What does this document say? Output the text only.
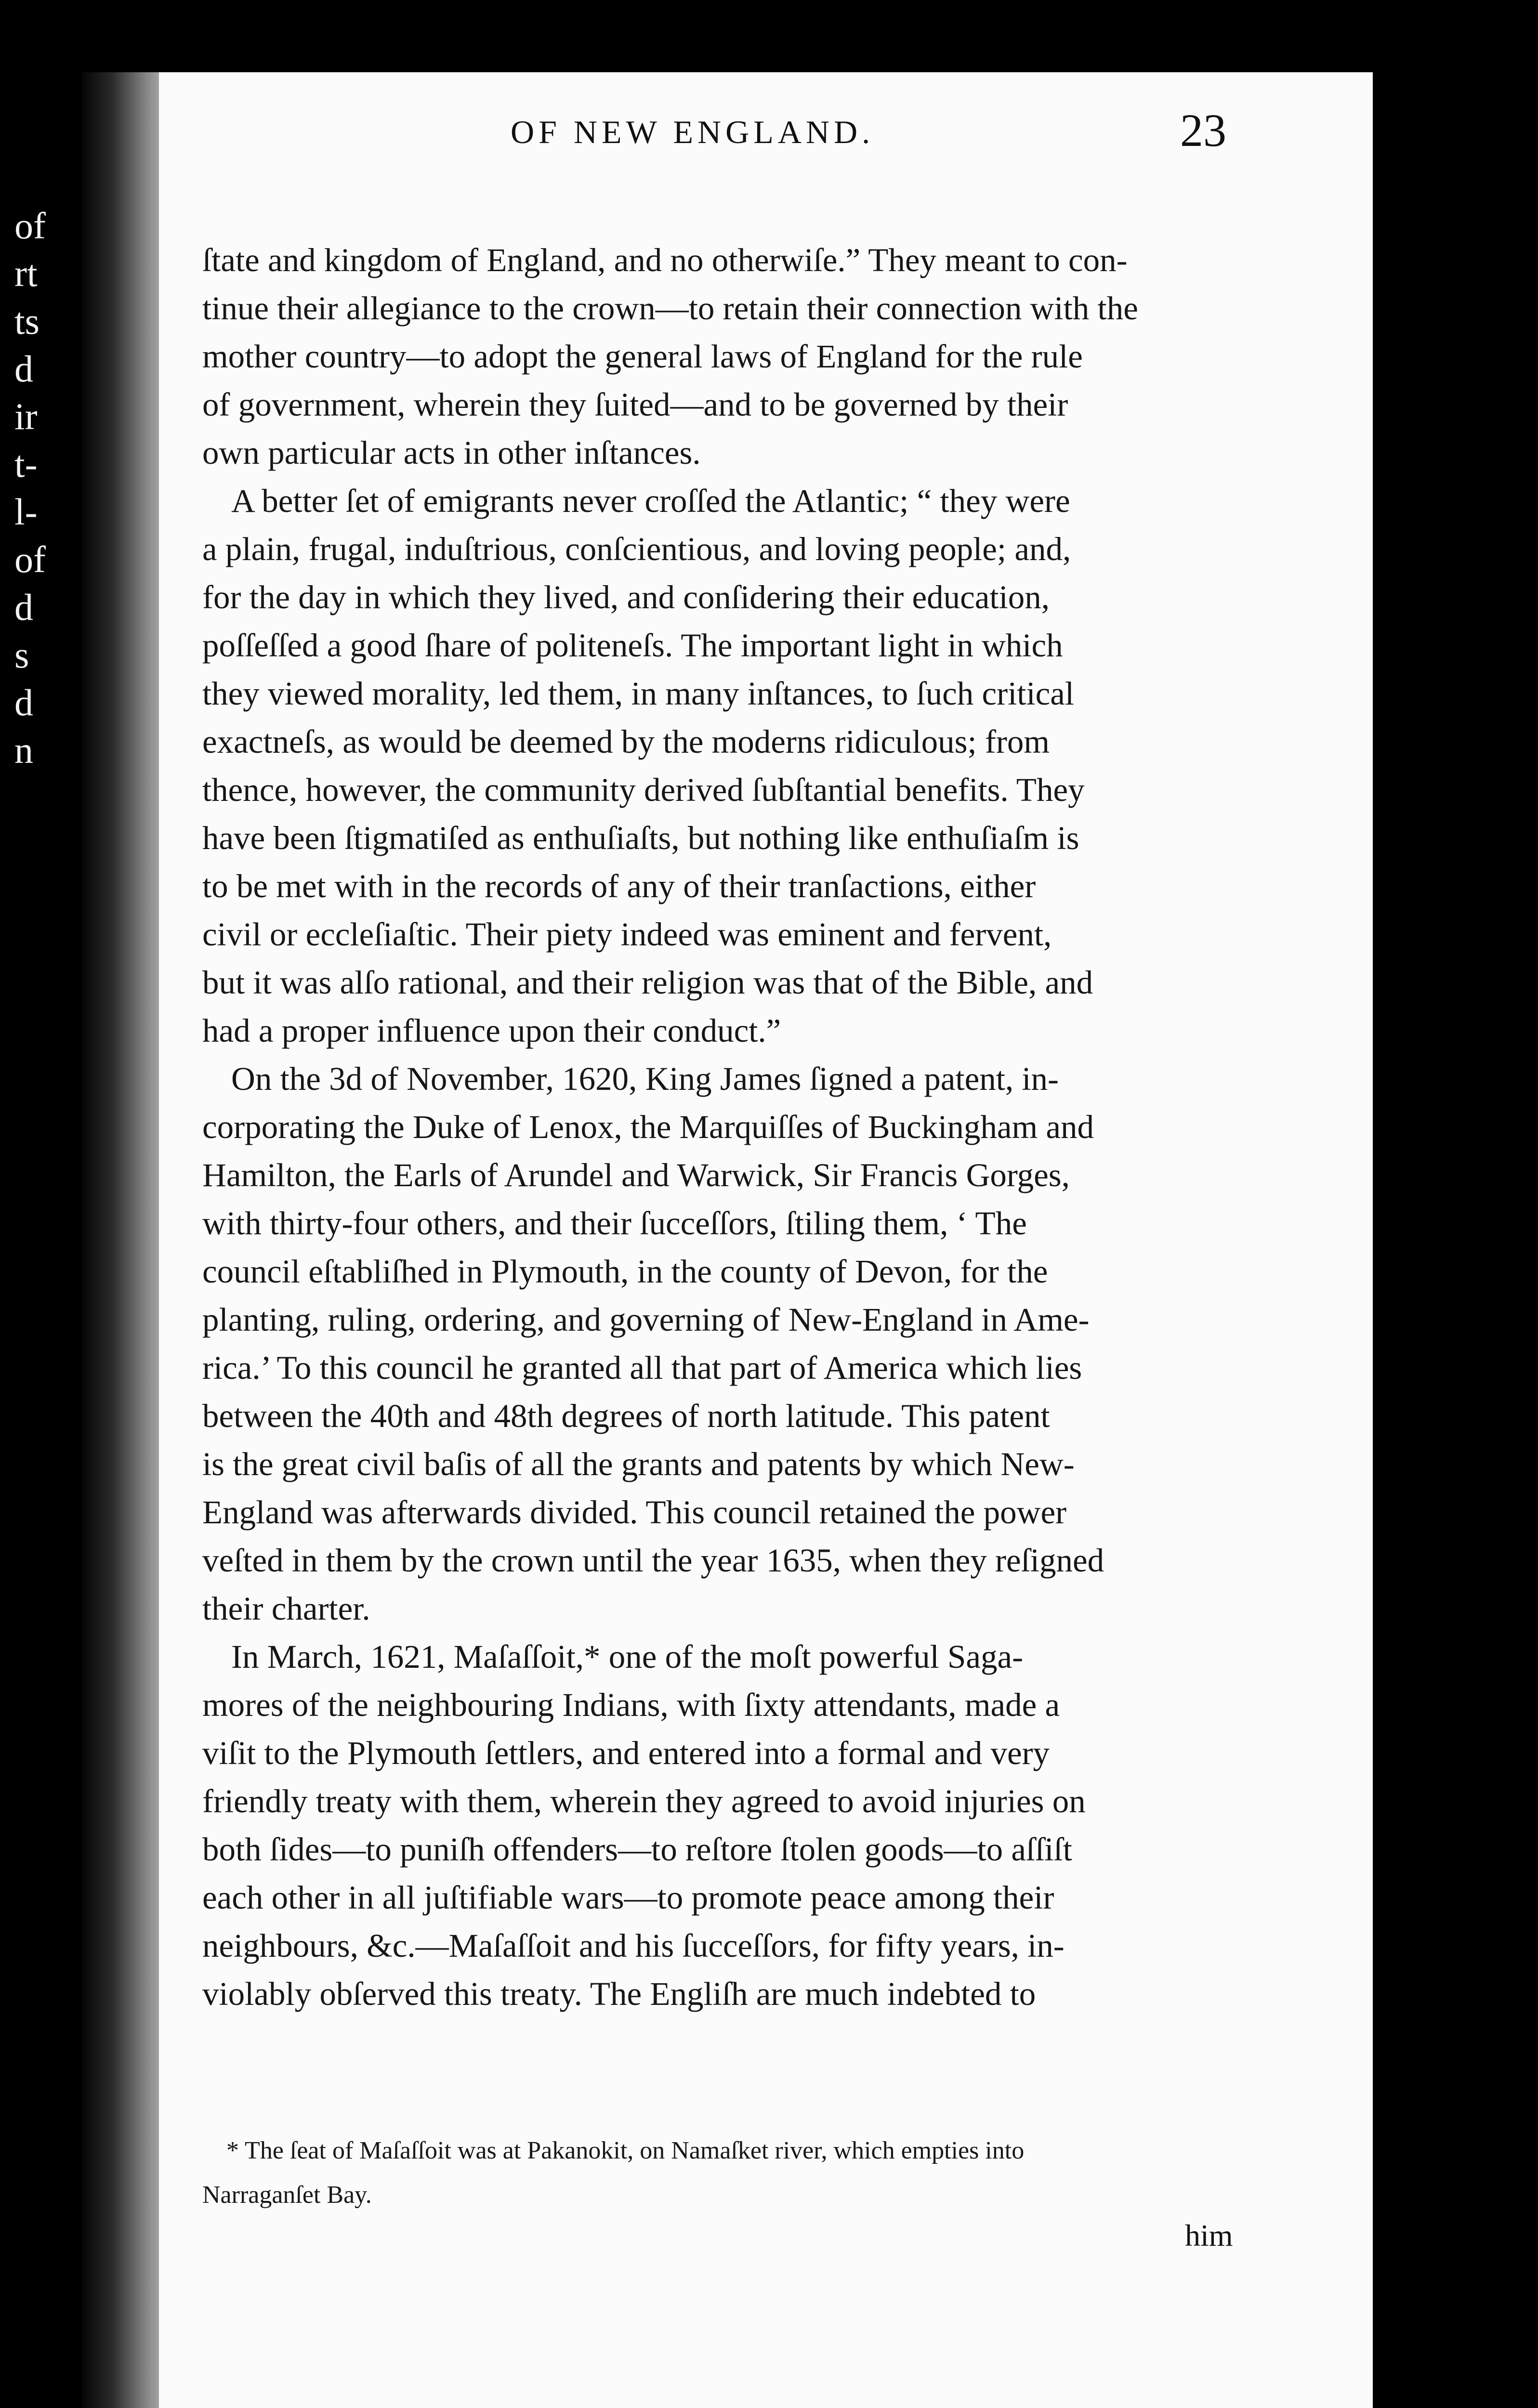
of
rt
ts
d
ir
t-
l-
of
d
s
d
n
OF NEW ENGLAND.	23
ſtate and kingdom of England, and no otherwiſe.” They meant to con-
tinue their allegiance to the crown—to retain their connection with the
mother country—to adopt the general laws of England for the rule
of government, wherein they ſuited—and to be governed by their
own particular acts in other inſtances.
A better ſet of emigrants never croſſed the Atlantic; “ they were
a plain, frugal, induſtrious, conſcientious, and loving people; and,
for the day in which they lived, and conſidering their education,
poſſeſſed a good ſhare of politeneſs. The important light in which
they viewed morality, led them, in many inſtances, to ſuch critical
exactneſs, as would be deemed by the moderns ridiculous; from
thence, however, the community derived ſubſtantial benefits. They
have been ſtigmatiſed as enthuſiaſts, but nothing like enthuſiaſm is
to be met with in the records of any of their tranſactions, either
civil or eccleſiaſtic. Their piety indeed was eminent and fervent,
but it was alſo rational, and their religion was that of the Bible, and
had a proper influence upon their conduct.”
On the 3d of November, 1620, King James ſigned a patent, in-
corporating the Duke of Lenox, the Marquiſſes of Buckingham and
Hamilton, the Earls of Arundel and Warwick, Sir Francis Gorges,
with thirty-four others, and their ſucceſſors, ſtiling them, ‘ The
council eſtabliſhed in Plymouth, in the county of Devon, for the
planting, ruling, ordering, and governing of New-England in Ame-
rica.’ To this council he granted all that part of America which lies
between the 40th and 48th degrees of north latitude. This patent
is the great civil baſis of all the grants and patents by which New-
England was afterwards divided. This council retained the power
veſted in them by the crown until the year 1635, when they reſigned
their charter.
In March, 1621, Maſaſſoit,* one of the moſt powerful Saga-
mores of the neighbouring Indians, with ſixty attendants, made a
viſit to the Plymouth ſettlers, and entered into a formal and very
friendly treaty with them, wherein they agreed to avoid injuries on
both ſides—to puniſh offenders—to reſtore ſtolen goods—to aſſiſt
each other in all juſtifiable wars—to promote peace among their
neighbours, &c.—Maſaſſoit and his ſucceſſors, for fifty years, in-
violably obſerved this treaty. The Engliſh are much indebted to
* The ſeat of Maſaſſoit was at Pakanokit, on Namaſket river, which empties into
Narraganſet Bay.
him
